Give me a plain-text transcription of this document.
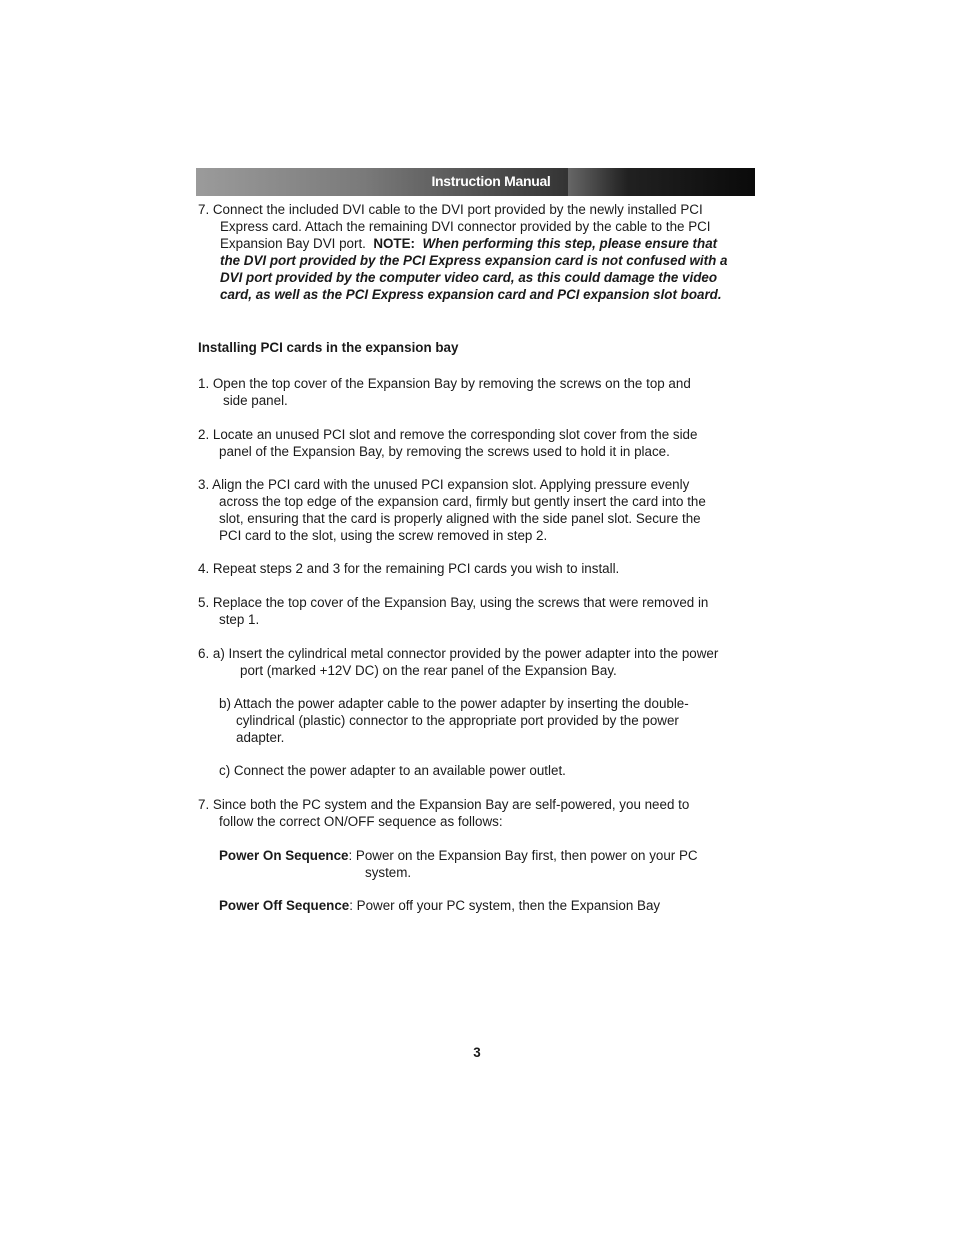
Instruction Manual
7. Connect the included DVI cable to the DVI port provided by the newly installed PCI
Express card. Attach the remaining DVI connector provided by the cable to the PCI
Expansion Bay DVI port. NOTE: When performing this step, please ensure that
the DVI port provided by the PCI Express expansion card is not confused with a
DVI port provided by the computer video card, as this could damage the video
card, as well as the PCI Express expansion card and PCI expansion slot board.
Installing PCI cards in the expansion bay
1. Open the top cover of the Expansion Bay by removing the screws on the top and
side panel.
2. Locate an unused PCI slot and remove the corresponding slot cover from the side
panel of the Expansion Bay, by removing the screws used to hold it in place.
3. Align the PCI card with the unused PCI expansion slot. Applying pressure evenly
across the top edge of the expansion card, firmly but gently insert the card into the
slot, ensuring that the card is properly aligned with the side panel slot. Secure the
PCI card to the slot, using the screw removed in step 2.
4. Repeat steps 2 and 3 for the remaining PCI cards you wish to install.
5. Replace the top cover of the Expansion Bay, using the screws that were removed in
step 1.
6. a) Insert the cylindrical metal connector provided by the power adapter into the power
port (marked +12V DC) on the rear panel of the Expansion Bay.
b) Attach the power adapter cable to the power adapter by inserting the double-
cylindrical (plastic) connector to the appropriate port provided by the power
adapter.
c) Connect the power adapter to an available power outlet.
7. Since both the PC system and the Expansion Bay are self-powered, you need to
follow the correct ON/OFF sequence as follows:
Power On Sequence: Power on the Expansion Bay first, then power on your PC
system.
Power Off Sequence: Power off your PC system, then the Expansion Bay
3
